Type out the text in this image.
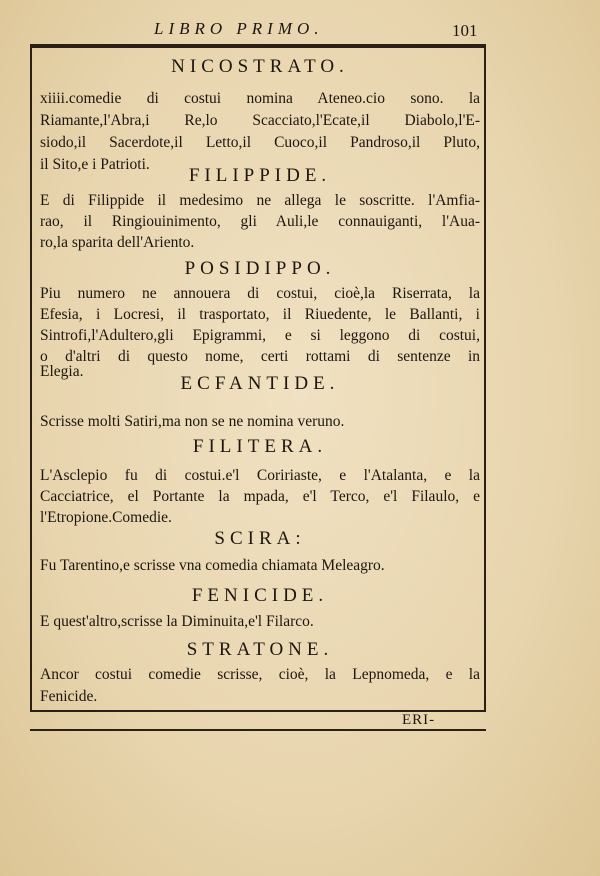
LIBRO PRIMO.	101
NICOSTRATO.
xiiii.comedie di costui nomina Ateneo.cio sono. la
Riamante,l'Abra,i Re,lo Scacciato,l'Ecate,il Diabolo,l'E-
siodo,il Sacerdote,il Letto,il Cuoco,il Pandroso,il Pluto,
il Sito,e i Patrioti.
FILIPPIDE.
E di Filippide il medesimo ne allega le soscritte. l'Amfia-
rao, il Ringiouinimento, gli Auli,le connauiganti, l'Aua-
ro,la sparita dell'Ariento.
POSIDIPPO.
Piu numero ne annouera di costui, cioè,la Riserrata, la
Efesia, i Locresi, il trasportato, il Riuedente, le Ballanti, i
Sintrofi,l'Adultero,gli Epigrammi, e si leggono di costui,
o d'altri di questo nome, certi rottami di sentenze in
Elegia.
ECFANTIDE.
Scrisse molti Satiri,ma non se ne nomina veruno.
FILITERA.
L'Asclepio fu di costui.e'l Coririaste, e l'Atalanta, e la
Cacciatrice, el Portante la mpada, e'l Terco, e'l Filaulo, e
l'Etropione.Comedie.
SCIRA:
Fu Tarentino,e scrisse vna comedia chiamata Meleagro.
FENICIDE.
E quest'altro,scrisse la Diminuita,e'l Filarco.
STRATONE.
Ancor costui comedie scrisse, cioè, la Lepnomeda, e la
Fenicide.
ERI-
